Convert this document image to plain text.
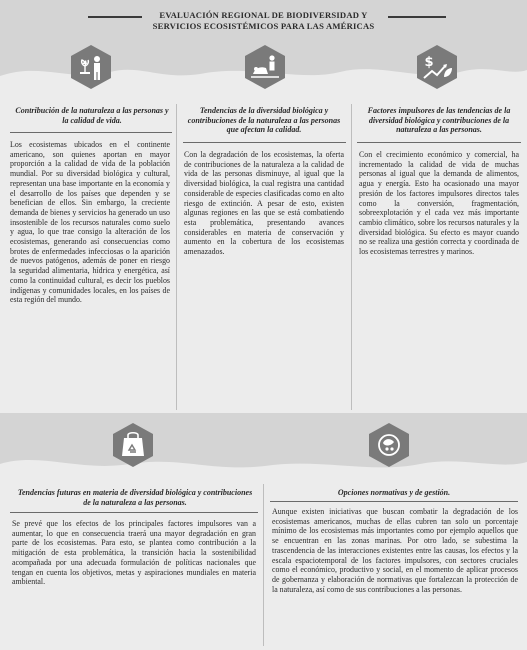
EVALUACIÓN REGIONAL DE BIODIVERSIDAD Y
SERVICIOS ECOSISTÉMICOS PARA LAS AMÉRICAS
$
Contribución de la naturaleza a las personas y la calidad de vida.

Los ecosistemas ubicados en el continente americano, son quienes aportan en mayor proporción a la calidad de vida de la población mundial. Por su diversidad biológica y cultural, representan una base importante en la economía y el desarrollo de los países que dependen y se benefician de ellos. Sin embargo, la creciente demanda de bienes y servicios ha generado un uso insostenible de los recursos naturales como suelo y agua, lo que trae consigo la alteración de los ecosistemas, generando así consecuencias como brotes de enfermedades infecciosas o la aparición de nuevos patógenos, además de poner en riesgo la seguridad alimentaria, hídrica y energética, así como la continuidad cultural, es decir los pueblos indígenas y comunidades locales, en los países de esta región del mundo.

Tendencias de la diversidad biológica y contribuciones de la naturaleza a las personas que afectan la calidad.

Con la degradación de los ecosistemas, la oferta de contribuciones de la naturaleza a la calidad de vida de las personas disminuye, al igual que la diversidad biológica, la cual registra una cantidad considerable de especies clasificadas como en alto riesgo de extinción. A pesar de esto, existen algunas regiones en las que se está combatiendo esta problemática, presentando avances considerables en materia de conservación y aumento en la cobertura de los ecosistemas amenazados.

Factores impulsores de las tendencias de la diversidad biológica y contribuciones de la naturaleza a las personas.

Con el crecimiento económico y comercial, ha incrementado la calidad de vida de muchas personas al igual que la demanda de alimentos, agua y energía. Esto ha ocasionado una mayor presión de los factores impulsores directos tales como la conversión, fragmentación, sobreexplotación y el cada vez más importante cambio climático, sobre los recursos naturales y la diversidad biológica. Su efecto es mayor cuando no se realiza una gestión correcta y coordinada de los ecosistemas terrestres y marinos.

Tendencias futuras en materia de diversidad biológica y contribuciones de la naturaleza a las personas.

Se prevé que los efectos de los principales factores impulsores van a aumentar, lo que en consecuencia traerá una mayor degradación en gran parte de los ecosistemas. Para esto, se plantea como contribución a la mitigación de esta problemática, la transición hacia la sostenibilidad acompañada por una adecuada formulación de políticas nacionales que tengan en cuenta los objetivos, metas y aspiraciones mundiales en materia ambiental.

Opciones normativas y de gestión.

Aunque existen iniciativas que buscan combatir la degradación de los ecosistemas americanos, muchas de ellas cubren tan solo un porcentaje mínimo de los ecosistemas más importantes como por ejemplo aquellos que se encuentran en las zonas marinas. Por otro lado, se subestima la trascendencia de las interacciones existentes entre las causas, los efectos y la escala espaciotemporal de los factores impulsores, con sectores cruciales como el económico, productivo y social, en el momento de aplicar procesos de gobernanza y elaboración de normativas que fortalezcan la protección de la naturaleza, así como de sus contribuciones a las personas.
